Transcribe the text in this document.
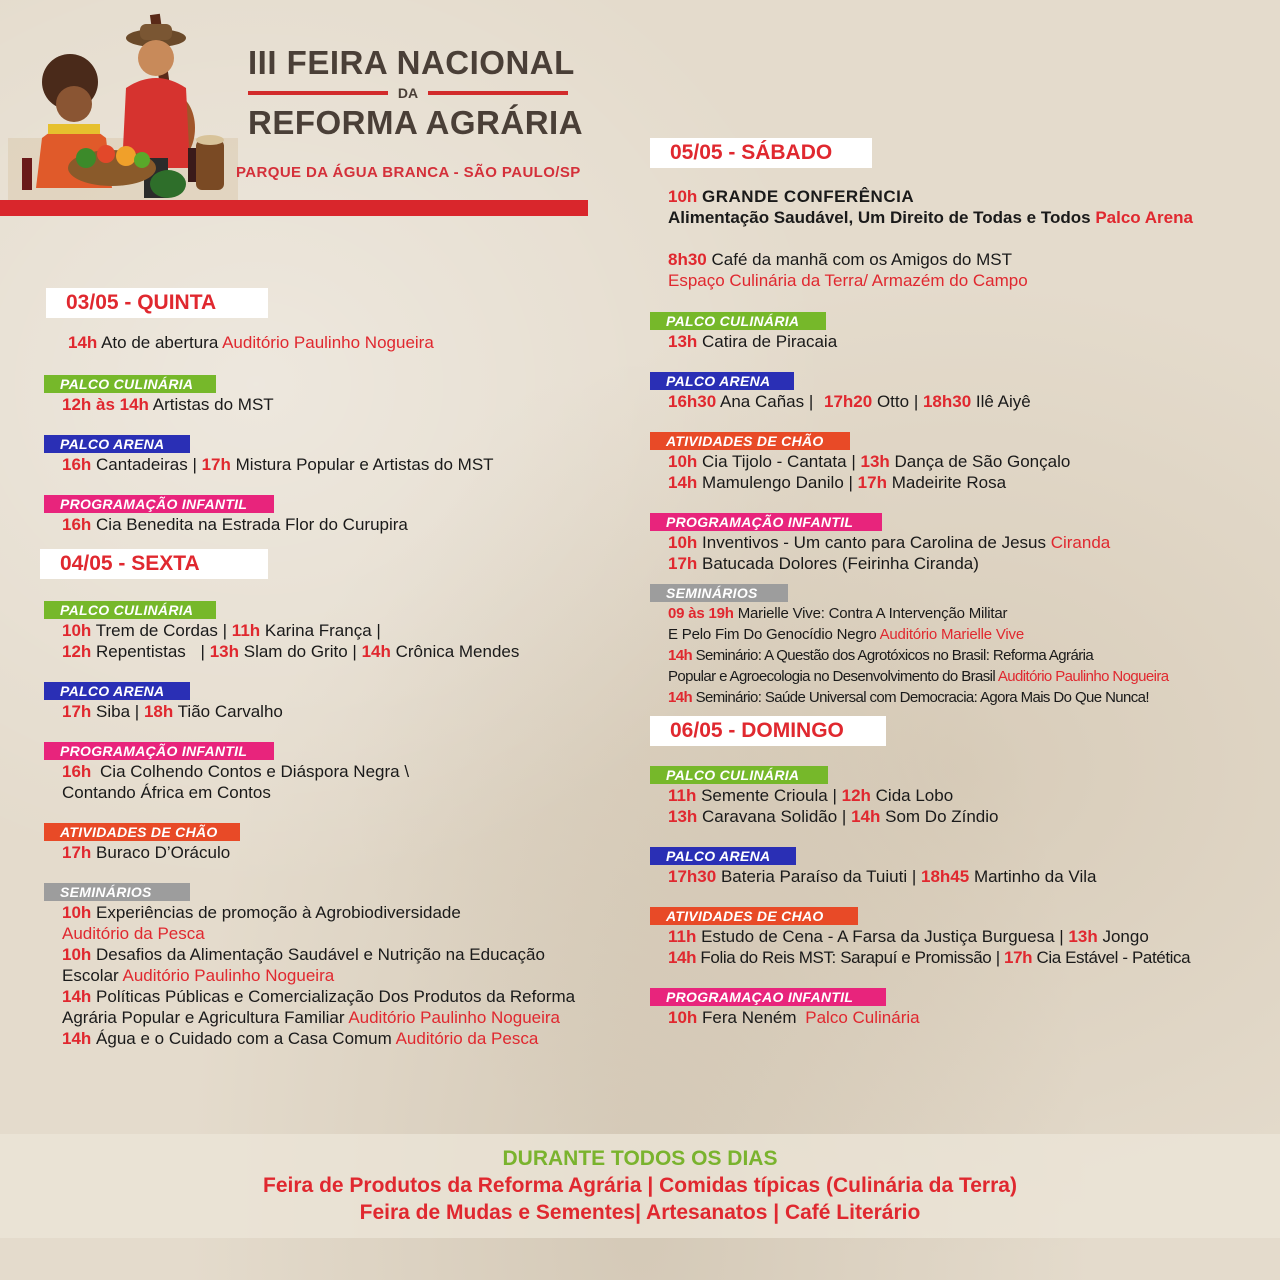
III FEIRA NACIONAL
DA
REFORMA AGRÁRIA
PARQUE DA ÁGUA BRANCA - SÃO PAULO/SP
03/05 - QUINTA
14h Ato de abertura Auditório Paulinho Nogueira
PALCO CULINÁRIA
12h às 14h Artistas do MST
PALCO ARENA
16h Cantadeiras | 17h Mistura Popular e Artistas do MST
PROGRAMAÇÃO INFANTIL
16h Cia Benedita na Estrada Flor do Curupira
04/05 - SEXTA
PALCO CULINÁRIA
10h Trem de Cordas | 11h Karina França |
12h Repentistas | 13h Slam do Grito | 14h Crônica Mendes
PALCO ARENA
17h Siba | 18h Tião Carvalho
PROGRAMAÇÃO INFANTIL
16h Cia Colhendo Contos e Diáspora Negra \
Contando África em Contos
ATIVIDADES DE CHÃO
17h Buraco D’Oráculo
SEMINÁRIOS
10h Experiências de promoção à Agrobiodiversidade
Auditório da Pesca
10h Desafios da Alimentação Saudável e Nutrição na Educação
Escolar Auditório Paulinho Nogueira
14h Políticas Públicas e Comercialização Dos Produtos da Reforma
Agrária Popular e Agricultura Familiar Auditório Paulinho Nogueira
14h Água e o Cuidado com a Casa Comum Auditório da Pesca
05/05 - SÁBADO
10h GRANDE CONFERÊNCIA
Alimentação Saudável, Um Direito de Todas e Todos Palco Arena
8h30 Café da manhã com os Amigos do MST
Espaço Culinária da Terra/ Armazém do Campo
PALCO CULINÁRIA
13h Catira de Piracaia
PALCO ARENA
16h30 Ana Cañas | 17h20 Otto | 18h30 Ilê Aiyê
ATIVIDADES DE CHÃO
10h Cia Tijolo - Cantata | 13h Dança de São Gonçalo
14h Mamulengo Danilo | 17h Madeirite Rosa
PROGRAMAÇÃO INFANTIL
10h Inventivos - Um canto para Carolina de Jesus Ciranda
17h Batucada Dolores (Feirinha Ciranda)
SEMINÁRIOS
09 às 19h Marielle Vive: Contra A Intervenção Militar
E Pelo Fim Do Genocídio Negro Auditório Marielle Vive
14h Seminário: A Questão dos Agrotóxicos no Brasil: Reforma Agrária
Popular e Agroecologia no Desenvolvimento do Brasil Auditório Paulinho Nogueira
14h Seminário: Saúde Universal com Democracia: Agora Mais Do Que Nunca!
06/05 - DOMINGO
PALCO CULINÁRIA
11h Semente Crioula | 12h Cida Lobo
13h Caravana Solidão | 14h Som Do Zíndio
PALCO ARENA
17h30 Bateria Paraíso da Tuiuti | 18h45 Martinho da Vila
ATIVIDADES DE CHAO
11h Estudo de Cena - A Farsa da Justiça Burguesa | 13h Jongo
14h Folia do Reis MST: Sarapuí e Promissão | 17h Cia Estável - Patética
PROGRAMAÇAO INFANTIL
10h Fera Neném Palco Culinária
DURANTE TODOS OS DIAS
Feira de Produtos da Reforma Agrária | Comidas típicas (Culinária da Terra)
Feira de Mudas e Sementes| Artesanatos | Café Literário
